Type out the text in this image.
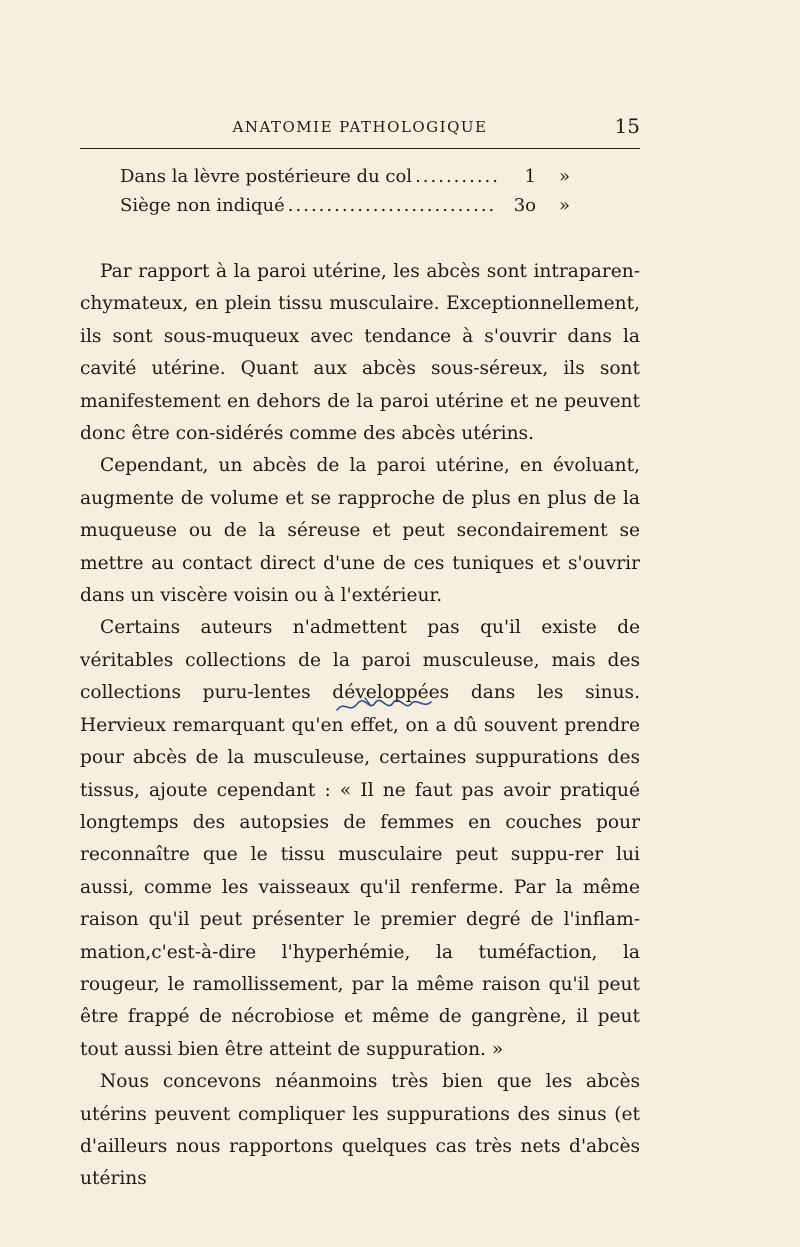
ANATOMIE PATHOLOGIQUE	15
Dans la lèvre postérieure du col .....	1	»
Siège non indiqué .....	3o	»

Par rapport à la paroi utérine, les abcès sont intraparen-chymateux, en plein tissu musculaire. Exceptionnellement, ils sont sous-muqueux avec tendance à s'ouvrir dans la cavité utérine. Quant aux abcès sous-séreux, ils sont manifestement en dehors de la paroi utérine et ne peuvent donc être con-sidérés comme des abcès utérins.

Cependant, un abcès de la paroi utérine, en évoluant, augmente de volume et se rapproche de plus en plus de la muqueuse ou de la séreuse et peut secondairement se mettre au contact direct d'une de ces tuniques et s'ouvrir dans un viscère voisin ou à l'extérieur.

Certains auteurs n'admettent pas qu'il existe de véritables collections de la paroi musculeuse, mais des collections puru-lentes développées dans les sinus. Hervieux remarquant qu'en effet, on a dû souvent prendre pour abcès de la musculeuse, certaines suppurations des tissus, ajoute cependant : « Il ne faut pas avoir pratiqué longtemps des autopsies de femmes en couches pour reconnaître que le tissu musculaire peut suppu-rer lui aussi, comme les vaisseaux qu'il renferme. Par la même raison qu'il peut présenter le premier degré de l'inflam-mation,c'est-à-dire l'hyperhémie, la tuméfaction, la rougeur, le ramollissement, par la même raison qu'il peut être frappé de nécrobiose et même de gangrène, il peut tout aussi bien être atteint de suppuration. »

Nous concevons néanmoins très bien que les abcès utérins peuvent compliquer les suppurations des sinus (et d'ailleurs nous rapportons quelques cas très nets d'abcès utérins
